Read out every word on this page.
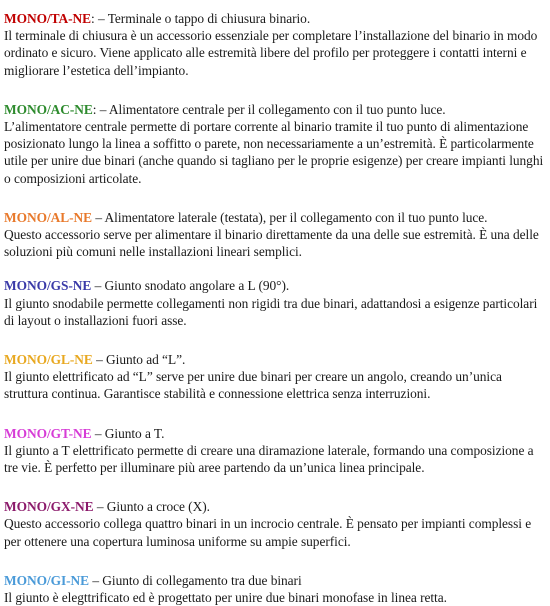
MONO/TA-NE: – Terminale o tappo di chiusura binario.

Il terminale di chiusura è un accessorio essenziale per completare l’installazione del binario in modo ordinato e sicuro. Viene applicato alle estremità libere del profilo per proteggere i contatti interni e migliorare l’estetica dell’impianto.

MONO/AC-NE: – Alimentatore centrale per il collegamento con il tuo punto luce.

L’alimentatore centrale permette di portare corrente al binario tramite il tuo punto di alimentazione posizionato lungo la linea a soffitto o parete, non necessariamente a un’estremità. È particolarmente utile per unire due binari (anche quando si tagliano per le proprie esigenze) per creare impianti lunghi o composizioni articolate.

MONO/AL-NE – Alimentatore laterale (testata), per il collegamento con il tuo punto luce.

Questo accessorio serve per alimentare il binario direttamente da una delle sue estremità. È una delle soluzioni più comuni nelle installazioni lineari semplici.

MONO/GS-NE – Giunto snodato angolare a L (90°).

Il giunto snodabile permette collegamenti non rigidi tra due binari, adattandosi a esigenze particolari di layout o installazioni fuori asse.

MONO/GL-NE – Giunto ad “L”.

Il giunto elettrificato ad “L” serve per unire due binari per creare un angolo, creando un’unica struttura continua. Garantisce stabilità e connessione elettrica senza interruzioni.

MONO/GT-NE – Giunto a T.

Il giunto a T elettrificato permette di creare una diramazione laterale, formando una composizione a tre vie. È perfetto per illuminare più aree partendo da un’unica linea principale.

MONO/GX-NE – Giunto a croce (X).

Questo accessorio collega quattro binari in un incrocio centrale. È pensato per impianti complessi e per ottenere una copertura luminosa uniforme su ampie superfici.

MONO/GI-NE – Giunto di collegamento tra due binari

Il giunto è elegttrificato ed è progettato per unire due binari monofase in linea retta.
